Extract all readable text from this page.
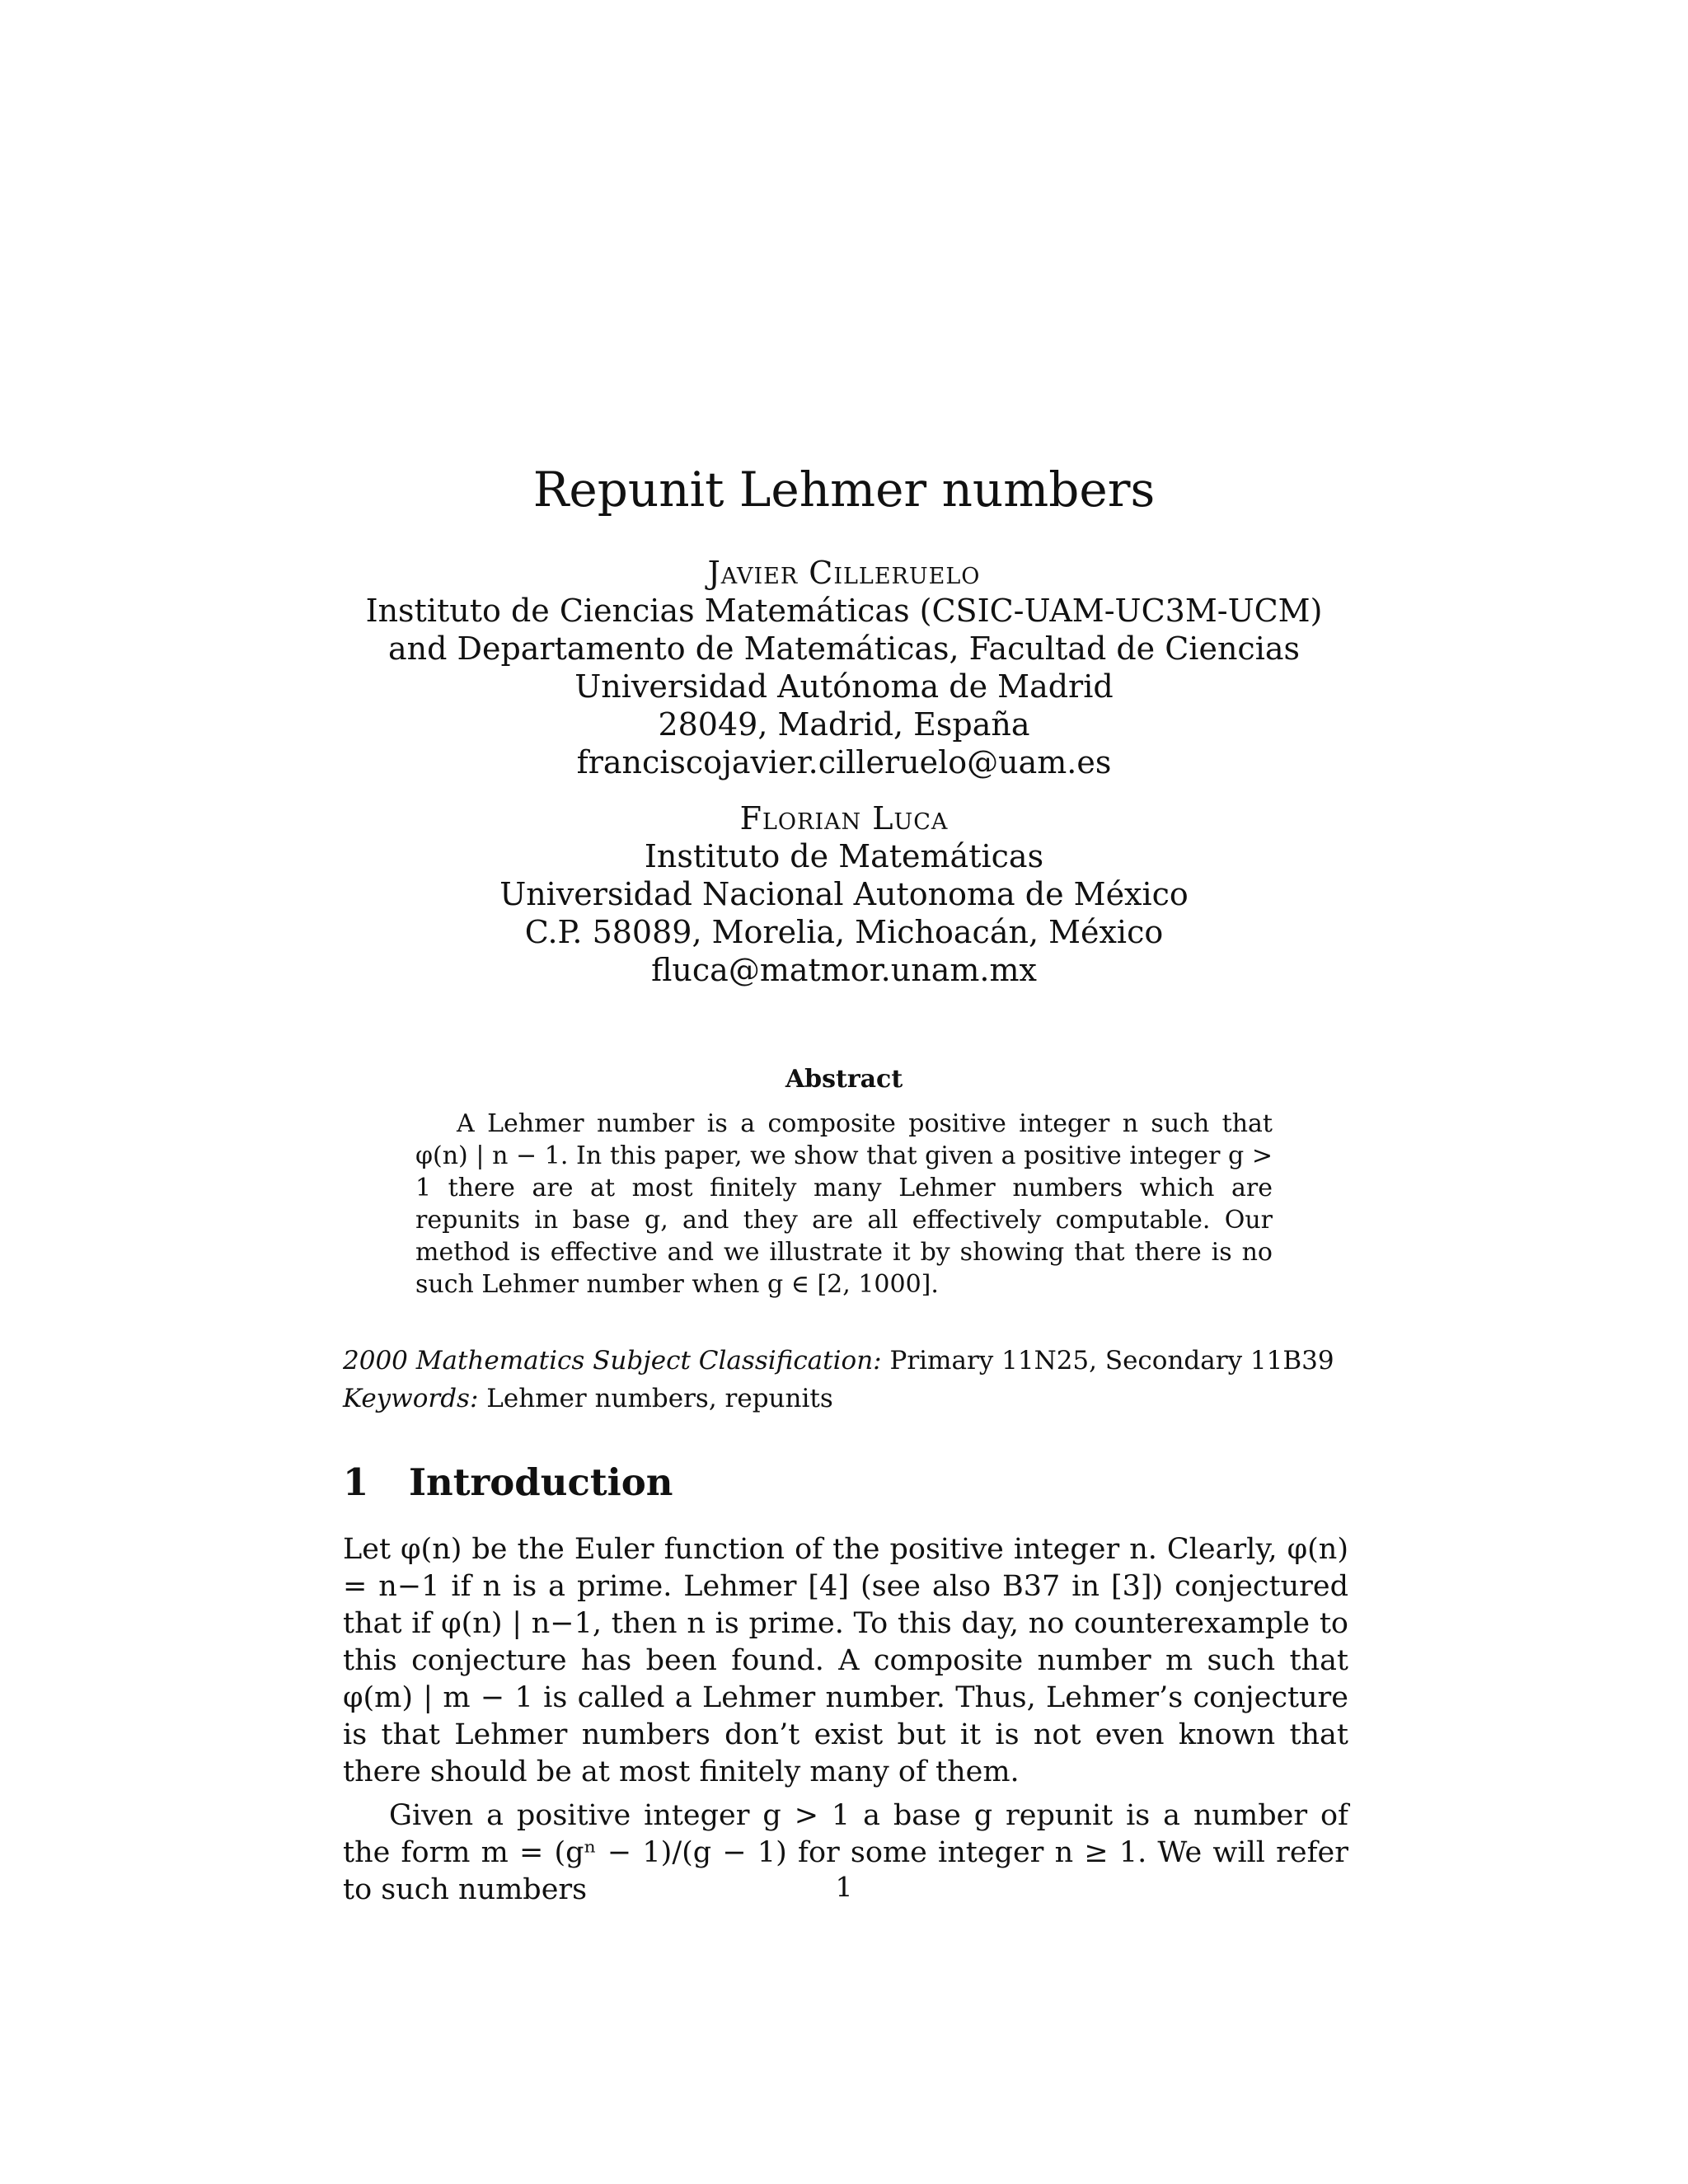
Repunit Lehmer numbers
Javier Cilleruelo
Instituto de Ciencias Matemáticas (CSIC-UAM-UC3M-UCM)
and Departamento de Matemáticas, Facultad de Ciencias
Universidad Autónoma de Madrid
28049, Madrid, España
franciscojavier.cilleruelo@uam.es
Florian Luca
Instituto de Matemáticas
Universidad Nacional Autonoma de México
C.P. 58089, Morelia, Michoacán, México
fluca@matmor.unam.mx
Abstract

A Lehmer number is a composite positive integer n such that φ(n) | n − 1. In this paper, we show that given a positive integer g > 1 there are at most finitely many Lehmer numbers which are repunits in base g, and they are all effectively computable. Our method is effective and we illustrate it by showing that there is no such Lehmer number when g ∈ [2, 1000].

2000 Mathematics Subject Classification: Primary 11N25, Secondary 11B39
Keywords: Lehmer numbers, repunits
1 Introduction

Let φ(n) be the Euler function of the positive integer n. Clearly, φ(n) = n−1 if n is a prime. Lehmer [4] (see also B37 in [3]) conjectured that if φ(n) | n−1, then n is prime. To this day, no counterexample to this conjecture has been found. A composite number m such that φ(m) | m − 1 is called a Lehmer number. Thus, Lehmer’s conjecture is that Lehmer numbers don’t exist but it is not even known that there should be at most finitely many of them.

Given a positive integer g > 1 a base g repunit is a number of the form m = (gⁿ − 1)/(g − 1) for some integer n ≥ 1. We will refer to such numbers	1
